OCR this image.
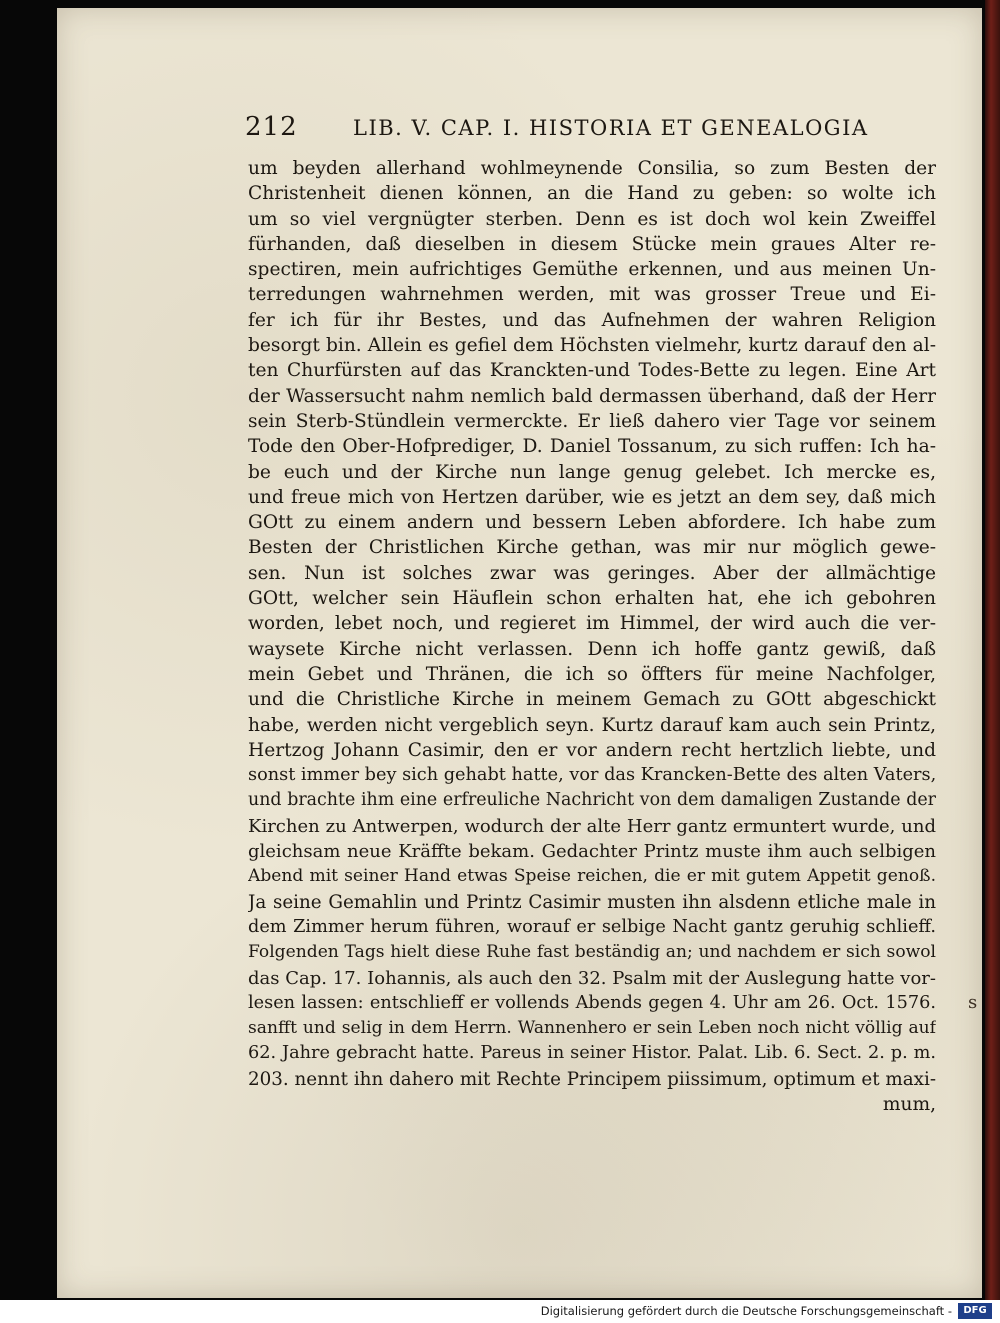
212	LIB. V. CAP. I. HISTORIA ET GENEALOGIA
um beyden allerhand wohlmeynende Consilia, so zum Besten der
Christenheit dienen können, an die Hand zu geben: so wolte ich
um so viel vergnügter sterben. Denn es ist doch wol kein Zweiffel
fürhanden, daß dieselben in diesem Stücke mein graues Alter re-
spectiren, mein aufrichtiges Gemüthe erkennen, und aus meinen Un-
terredungen wahrnehmen werden, mit was grosser Treue und Ei-
fer ich für ihr Bestes, und das Aufnehmen der wahren Religion
besorgt bin. Allein es gefiel dem Höchsten vielmehr, kurtz darauf den al-
ten Churfürsten auf das Kranckten-und Todes-Bette zu legen. Eine Art
der Wassersucht nahm nemlich bald dermassen überhand, daß der Herr
sein Sterb-Stündlein vermerckte. Er ließ dahero vier Tage vor seinem
Tode den Ober-Hofprediger, D. Daniel Tossanum, zu sich ruffen: Ich ha-
be euch und der Kirche nun lange genug gelebet. Ich mercke es,
und freue mich von Hertzen darüber, wie es jetzt an dem sey, daß mich
GOtt zu einem andern und bessern Leben abfordere. Ich habe zum
Besten der Christlichen Kirche gethan, was mir nur möglich gewe-
sen. Nun ist solches zwar was geringes. Aber der allmächtige
GOtt, welcher sein Häuflein schon erhalten hat, ehe ich gebohren
worden, lebet noch, und regieret im Himmel, der wird auch die ver-
waysete Kirche nicht verlassen. Denn ich hoffe gantz gewiß, daß
mein Gebet und Thränen, die ich so öffters für meine Nachfolger,
und die Christliche Kirche in meinem Gemach zu GOtt abgeschickt
habe, werden nicht vergeblich seyn. Kurtz darauf kam auch sein Printz,
Hertzog Johann Casimir, den er vor andern recht hertzlich liebte, und
sonst immer bey sich gehabt hatte, vor das Krancken-Bette des alten Vaters,
und brachte ihm eine erfreuliche Nachricht von dem damaligen Zustande der
Kirchen zu Antwerpen, wodurch der alte Herr gantz ermuntert wurde, und
gleichsam neue Kräffte bekam. Gedachter Printz muste ihm auch selbigen
Abend mit seiner Hand etwas Speise reichen, die er mit gutem Appetit genoß.
Ja seine Gemahlin und Printz Casimir musten ihn alsdenn etliche male in
dem Zimmer herum führen, worauf er selbige Nacht gantz geruhig schlieff.
Folgenden Tags hielt diese Ruhe fast beständig an; und nachdem er sich sowol
das Cap. 17. Iohannis, als auch den 32. Psalm mit der Auslegung hatte vor-
lesen lassen: entschlieff er vollends Abends gegen 4. Uhr am 26. Oct. 1576.
sanfft und selig in dem Herrn. Wannenhero er sein Leben noch nicht völlig auf
62. Jahre gebracht hatte. Pareus in seiner Histor. Palat. Lib. 6. Sect. 2. p. m.
203. nennt ihn dahero mit Rechte Principem piissimum, optimum et maxi-
mum,
s
Digitalisierung gefördert durch die Deutsche Forschungsgemeinschaft -	DFG
